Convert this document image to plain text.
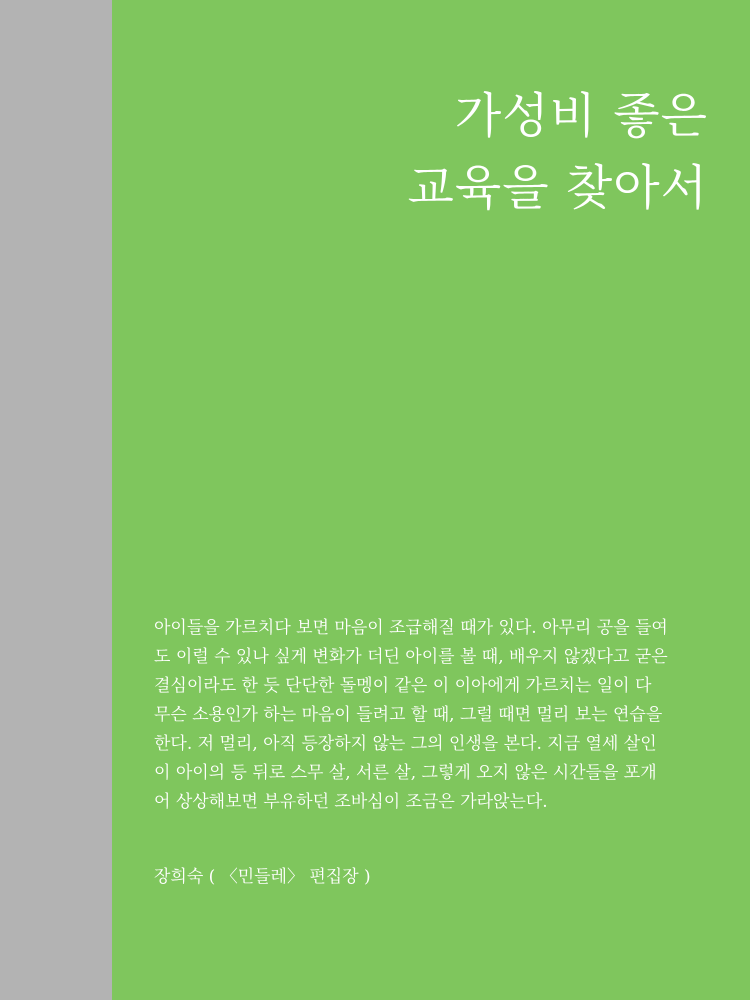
가성비 좋은
교육을 찾아서

아이들을 가르치다 보면 마음이 조급해질 때가 있다. 아무리 공을 들여
도 이럴 수 있나 싶게 변화가 더딘 아이를 볼 때, 배우지 않겠다고 굳은
결심이라도 한 듯 단단한 돌멩이 같은 이 이아에게 가르치는 일이 다
무슨 소용인가 하는 마음이 들려고 할 때, 그럴 때면 멀리 보는 연습을
한다. 저 멀리, 아직 등장하지 않는 그의 인생을 본다. 지금 열세 살인
이 아이의 등 뒤로 스무 살, 서른 살, 그렇게 오지 않은 시간들을 포개
어 상상해보면 부유하던 조바심이 조금은 가라앉는다.

장희숙 ( 〈민들레〉 편집장 )
